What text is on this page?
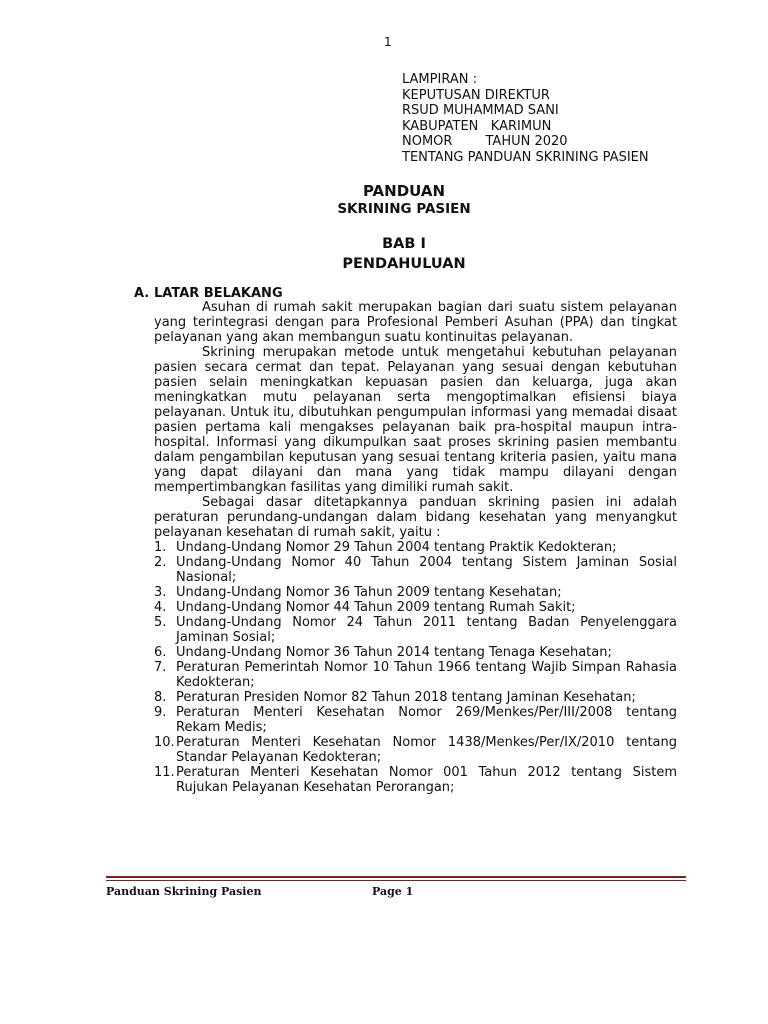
1
LAMPIRAN :
KEPUTUSAN DIREKTUR
RSUD MUHAMMAD SANI
KABUPATEN   KARIMUN
NOMOR        TAHUN 2020
TENTANG PANDUAN SKRINING PASIEN
PANDUAN
SKRINING PASIEN
BAB I
PENDAHULUAN
A. LATAR BELAKANG

Asuhan di rumah sakit merupakan bagian dari suatu sistem pelayanan yang terintegrasi dengan para Profesional Pemberi Asuhan (PPA) dan tingkat pelayanan yang akan membangun suatu kontinuitas pelayanan.

Skrining merupakan metode untuk mengetahui kebutuhan pelayanan pasien secara cermat dan tepat. Pelayanan yang sesuai dengan kebutuhan pasien selain meningkatkan kepuasan pasien dan keluarga, juga akan meningkatkan mutu pelayanan serta mengoptimalkan efisiensi biaya pelayanan. Untuk itu, dibutuhkan pengumpulan informasi yang memadai disaat pasien pertama kali mengakses pelayanan baik pra-hospital maupun intra-hospital. Informasi yang dikumpulkan saat proses skrining pasien membantu dalam pengambilan keputusan yang sesuai tentang kriteria pasien, yaitu mana yang dapat dilayani dan mana yang tidak mampu dilayani dengan mempertimbangkan fasilitas yang dimiliki rumah sakit.

Sebagai dasar ditetapkannya panduan skrining pasien ini adalah peraturan perundang-undangan dalam bidang kesehatan yang menyangkut pelayanan kesehatan di rumah sakit, yaitu :

1. Undang-Undang Nomor 29 Tahun 2004 tentang Praktik Kedokteran;
2. Undang-Undang Nomor 40 Tahun 2004 tentang Sistem Jaminan Sosial Nasional;
3. Undang-Undang Nomor 36 Tahun 2009 tentang Kesehatan;
4. Undang-Undang Nomor 44 Tahun 2009 tentang Rumah Sakit;
5. Undang-Undang Nomor 24 Tahun 2011 tentang Badan Penyelenggara Jaminan Sosial;
6. Undang-Undang Nomor 36 Tahun 2014 tentang Tenaga Kesehatan;
7. Peraturan Pemerintah Nomor 10 Tahun 1966 tentang Wajib Simpan Rahasia Kedokteran;
8. Peraturan Presiden Nomor 82 Tahun 2018 tentang Jaminan Kesehatan;
9. Peraturan Menteri Kesehatan Nomor 269/Menkes/Per/III/2008 tentang Rekam Medis;
10. Peraturan Menteri Kesehatan Nomor 1438/Menkes/Per/IX/2010 tentang Standar Pelayanan Kedokteran;
11. Peraturan Menteri Kesehatan Nomor 001 Tahun 2012 tentang Sistem Rujukan Pelayanan Kesehatan Perorangan;
Panduan Skrining Pasien	Page 1
